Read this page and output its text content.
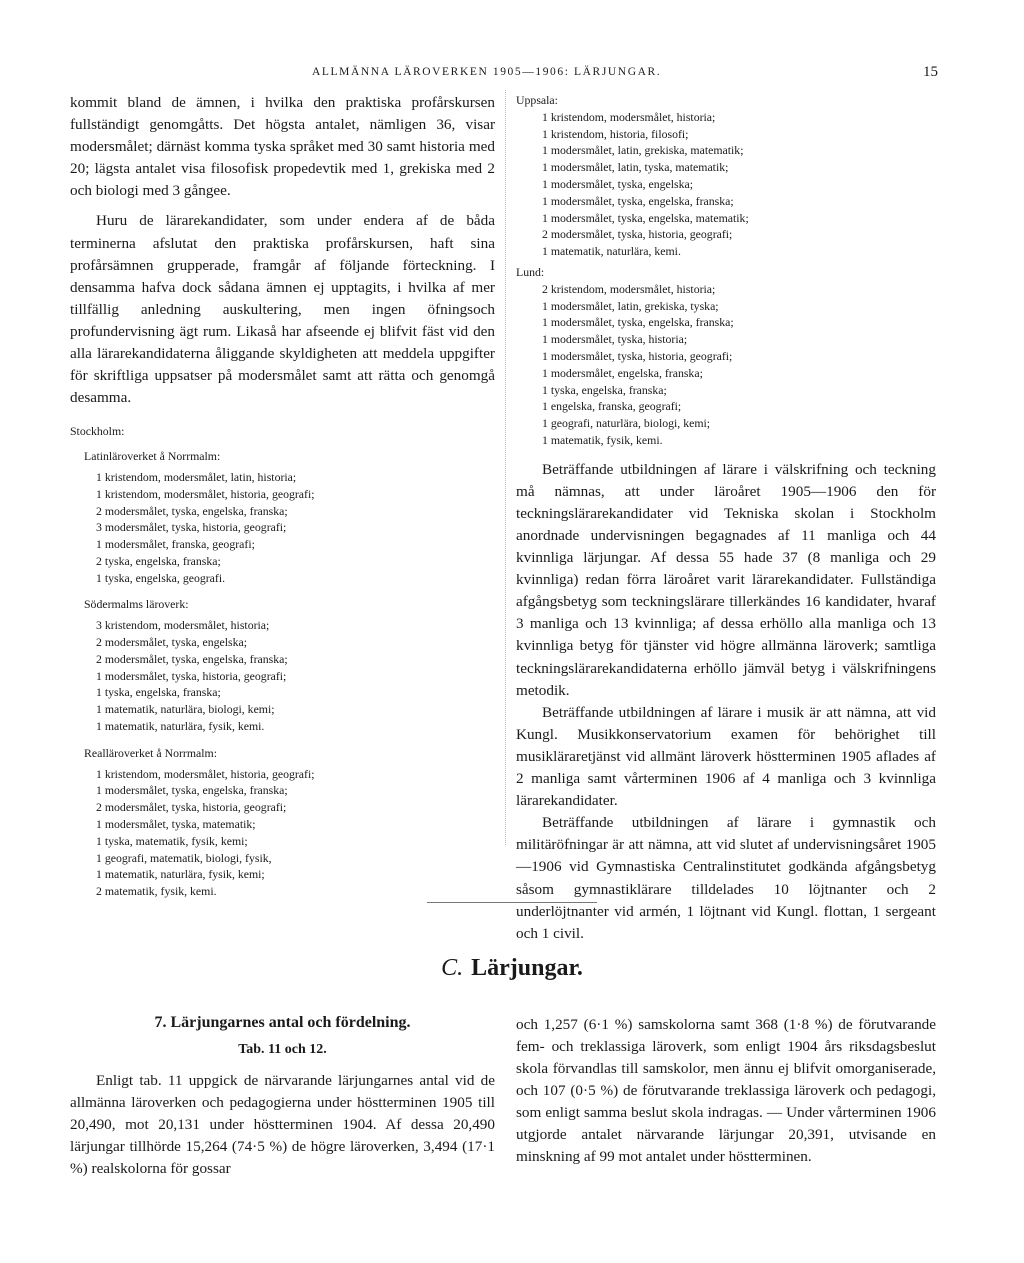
ALLMÄNNA LÄROVERKEN 1905—1906: LÄRJUNGAR.	15

kommit bland de ämnen, i hvilka den praktiska profårskursen fullständigt genomgåtts. Det högsta antalet, nämligen 36, visar modersmålet; därnäst komma tyska språket med 30 samt historia med 20; lägsta antalet visa filosofisk propedevtik med 1, grekiska med 2 och biologi med 3 gångee.

Huru de lärarekandidater, som under endera af de båda terminerna afslutat den praktiska profårskursen, haft sina profårsämnen grupperade, framgår af följande förteckning. I densamma hafva dock sådana ämnen ej upptagits, i hvilka af mer tillfällig anledning auskultering, men ingen öfningsoch profundervisning ägt rum. Likaså har afseende ej blifvit fäst vid den alla lärarekandidaterna åliggande skyldigheten att meddela uppgifter för skriftliga uppsatser på modersmålet samt att rätta och genomgå desamma.

Stockholm:
Latinläroverket å Norrmalm:
1 kristendom, modersmålet, latin, historia;
1 kristendom, modersmålet, historia, geografi;
2 modersmålet, tyska, engelska, franska;
3 modersmålet, tyska, historia, geografi;
1 modersmålet, franska, geografi;
2 tyska, engelska, franska;
1 tyska, engelska, geografi.
Södermalms läroverk:
3 kristendom, modersmålet, historia;
2 modersmålet, tyska, engelska;
2 modersmålet, tyska, engelska, franska;
1 modersmålet, tyska, historia, geografi;
1 tyska, engelska, franska;
1 matematik, naturlära, biologi, kemi;
1 matematik, naturlära, fysik, kemi.
Realläroverket å Norrmalm:
1 kristendom, modersmålet, historia, geografi;
1 modersmålet, tyska, engelska, franska;
2 modersmålet, tyska, historia, geografi;
1 modersmålet, tyska, matematik;
1 tyska, matematik, fysik, kemi;
1 geografi, matematik, biologi, fysik,
1 matematik, naturlära, fysik, kemi;
2 matematik, fysik, kemi.
Uppsala:
1 kristendom, modersmålet, historia;
1 kristendom, historia, filosofi;
1 modersmålet, latin, grekiska, matematik;
1 modersmålet, latin, tyska, matematik;
1 modersmålet, tyska, engelska;
1 modersmålet, tyska, engelska, franska;
1 modersmålet, tyska, engelska, matematik;
2 modersmålet, tyska, historia, geografi;
1 matematik, naturlära, kemi.
Lund:
2 kristendom, modersmålet, historia;
1 modersmålet, latin, grekiska, tyska;
1 modersmålet, tyska, engelska, franska;
1 modersmålet, tyska, historia;
1 modersmålet, tyska, historia, geografi;
1 modersmålet, engelska, franska;
1 tyska, engelska, franska;
1 engelska, franska, geografi;
1 geografi, naturlära, biologi, kemi;
1 matematik, fysik, kemi.

Beträffande utbildningen af lärare i välskrifning och teckning må nämnas, att under läroåret 1905—1906 den för teckningslärarekandidater vid Tekniska skolan i Stockholm anordnade undervisningen begagnades af 11 manliga och 44 kvinnliga lärjungar. Af dessa 55 hade 37 (8 manliga och 29 kvinnliga) redan förra läroåret varit lärarekandidater. Fullständiga afgångsbetyg som teckningslärare tillerkändes 16 kandidater, hvaraf 3 manliga och 13 kvinnliga; af dessa erhöllo alla manliga och 13 kvinnliga betyg för tjänster vid högre allmänna läroverk; samtliga teckningslärarekandidaterna erhöllo jämväl betyg i välskrifningens metodik.

Beträffande utbildningen af lärare i musik är att nämna, att vid Kungl. Musikkonservatorium examen för behörighet till musiklärаretjänst vid allmänt läroverk höstterminen 1905 aflades af 2 manliga samt vårterminen 1906 af 4 manliga och 3 kvinnliga lärarekandidater.

Beträffande utbildningen af lärare i gymnastik och militäröfningar är att nämna, att vid slutet af undervisningsåret 1905—1906 vid Gymnastiska Centralinstitutet godkända afgångsbetyg såsom gymnastiklärare tilldelades 10 löjtnanter och 2 underlöjtnanter vid armén, 1 löjtnant vid Kungl. flottan, 1 sergeant och 1 civil.

C. Lärjungar.
7. Lärjungarnes antal och fördelning.
Tab. 11 och 12.

Enligt tab. 11 uppgick de närvarande lärjungarnes antal vid de allmänna läroverken och pedagogierna under höstterminen 1905 till 20,490, mot 20,131 under höstterminen 1904. Af dessa 20,490 lärjungar tillhörde 15,264 (74·5 %) de högre läroverken, 3,494 (17·1 %) realskolorna för gossar

och 1,257 (6·1 %) samskolorna samt 368 (1·8 %) de förutvarande fem- och treklassiga läroverk, som enligt 1904 års riksdagsbeslut skola förvandlas till samskolor, men ännu ej blifvit omorganiserade, och 107 (0·5 %) de förutvarande treklassiga läroverk och pedagogi, som enligt samma beslut skola indragas. — Under vårterminen 1906 utgjorde antalet närvarande lärjungar 20,391, utvisande en minskning af 99 mot antalet under höstterminen.
